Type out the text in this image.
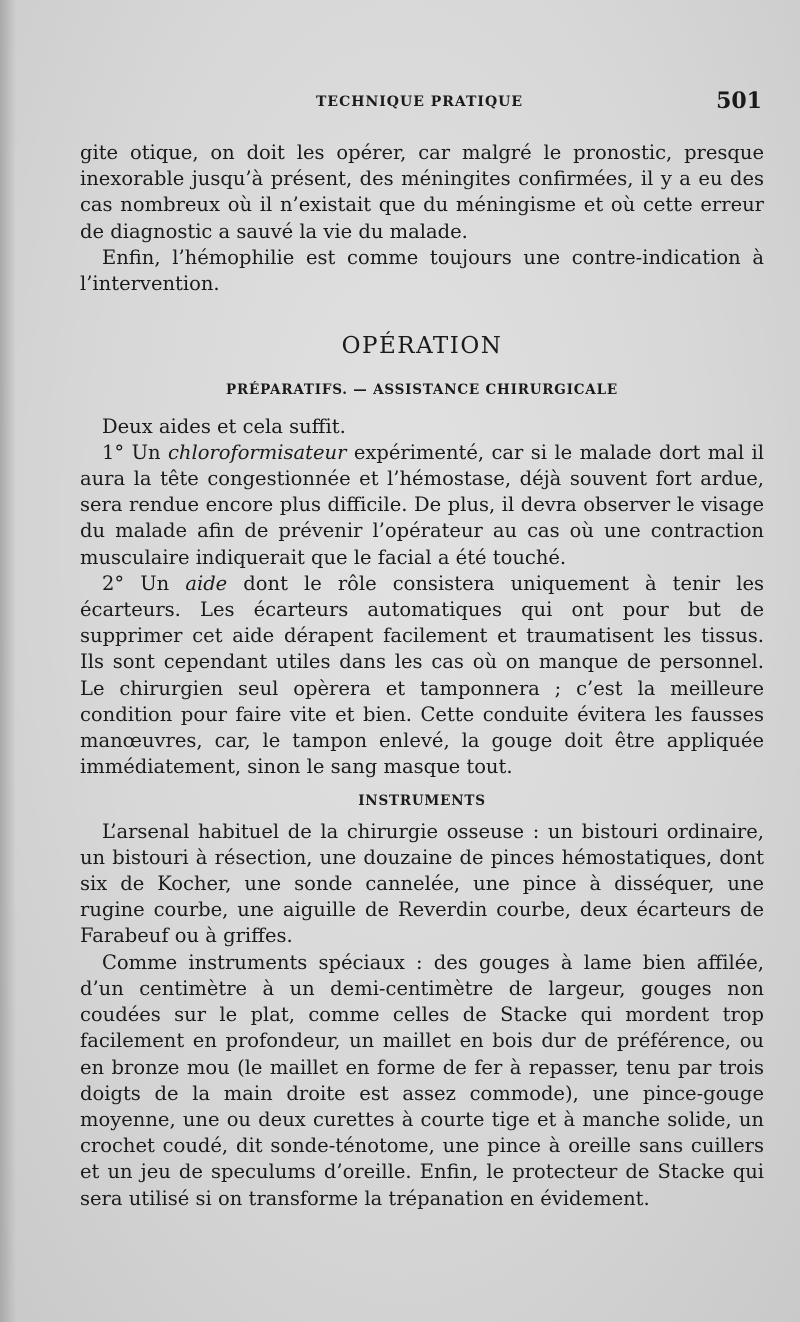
TECHNIQUE PRATIQUE	501

gite otique, on doit les opérer, car malgré le pronostic, presque inexorable jusqu’à présent, des méningites confirmées, il y a eu des cas nombreux où il n’existait que du méningisme et où cette erreur de diagnostic a sauvé la vie du malade.

Enfin, l’hémophilie est comme toujours une contre-indication à l’intervention.

OPÉRATION
PRÉPARATIFS. — ASSISTANCE CHIRURGICALE

Deux aides et cela suffit.

1° Un chloroformisateur expérimenté, car si le malade dort mal il aura la tête congestionnée et l’hémostase, déjà souvent fort ardue, sera rendue encore plus difficile. De plus, il devra observer le visage du malade afin de prévenir l’opérateur au cas où une contraction musculaire indiquerait que le facial a été touché.

2° Un aide dont le rôle consistera uniquement à tenir les écarteurs. Les écarteurs automatiques qui ont pour but de supprimer cet aide dérapent facilement et traumatisent les tissus. Ils sont cependant utiles dans les cas où on manque de personnel. Le chirurgien seul opèrera et tamponnera ; c’est la meilleure condition pour faire vite et bien. Cette conduite évitera les fausses manœuvres, car, le tampon enlevé, la gouge doit être appliquée immédiatement, sinon le sang masque tout.

INSTRUMENTS

L’arsenal habituel de la chirurgie osseuse : un bistouri ordinaire, un bistouri à résection, une douzaine de pinces hémostatiques, dont six de Kocher, une sonde cannelée, une pince à disséquer, une rugine courbe, une aiguille de Reverdin courbe, deux écarteurs de Farabeuf ou à griffes.

Comme instruments spéciaux : des gouges à lame bien affilée, d’un centimètre à un demi-centimètre de largeur, gouges non coudées sur le plat, comme celles de Stacke qui mordent trop facilement en profondeur, un maillet en bois dur de préférence, ou en bronze mou (le maillet en forme de fer à repasser, tenu par trois doigts de la main droite est assez commode), une pince-gouge moyenne, une ou deux curettes à courte tige et à manche solide, un crochet coudé, dit sonde-ténotome, une pince à oreille sans cuillers et un jeu de speculums d’oreille. Enfin, le protecteur de Stacke qui sera utilisé si on transforme la trépanation en évidement.
